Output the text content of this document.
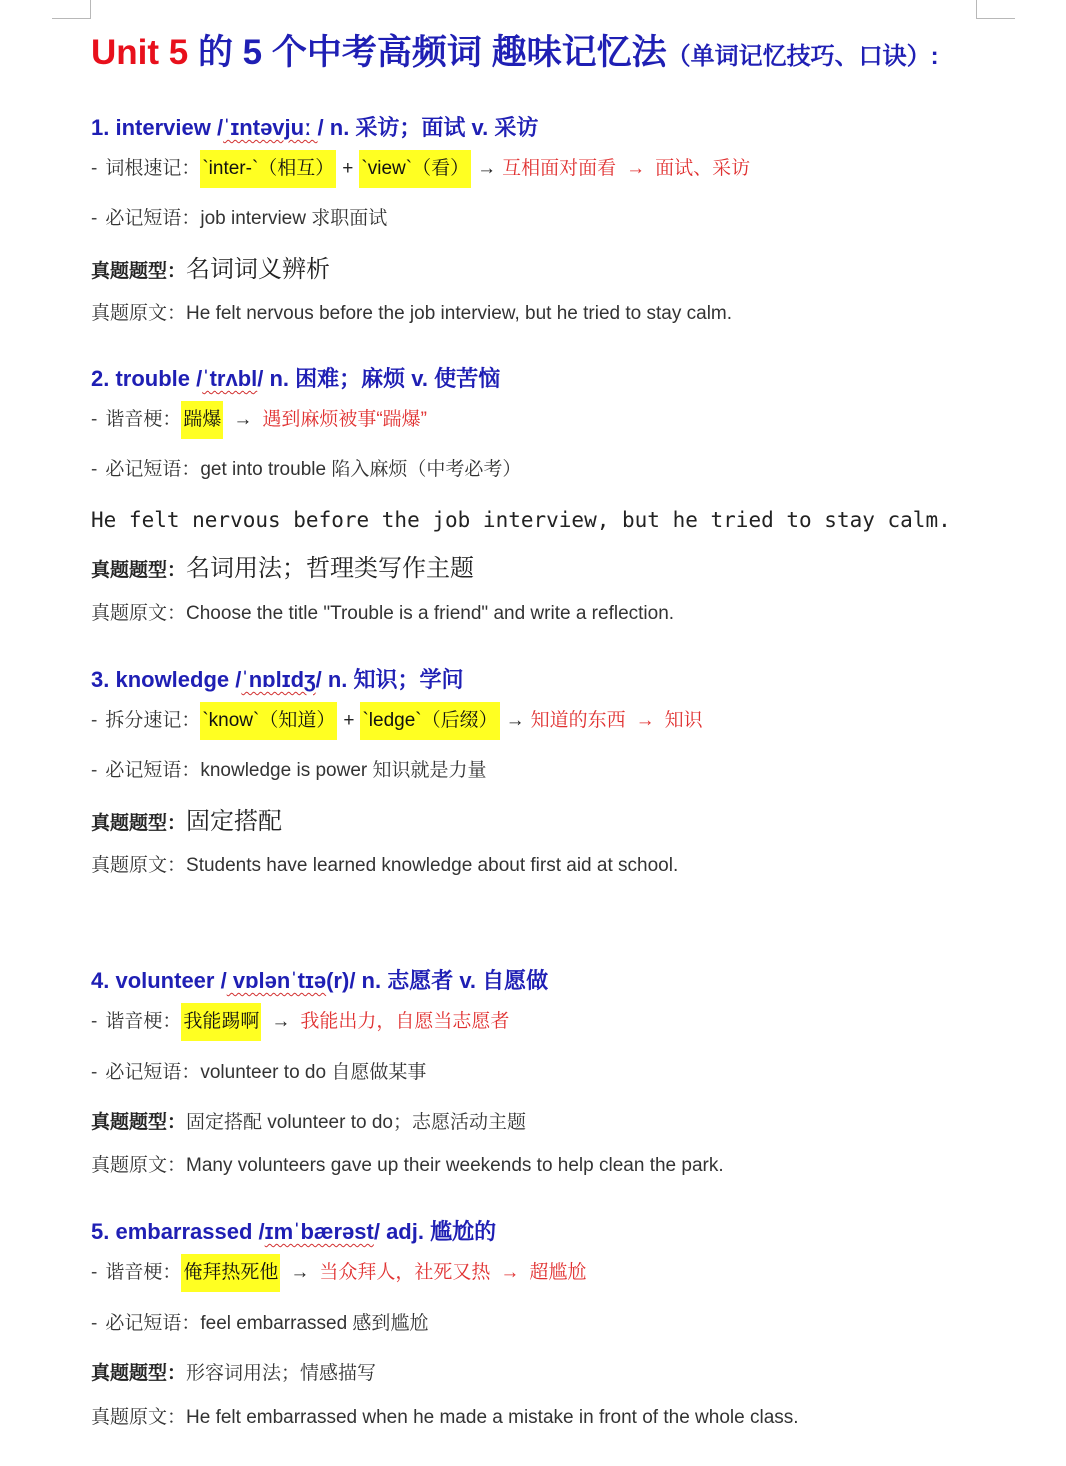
Unit 5 的 5 个中考高频词 趣味记忆法（单词记忆技巧、口诀）:
1. interview /ˈɪntəvjuː / n. 采访；面试 v. 采访
- 词根速记： `inter-`（相互） + `view`（看） → 互相面对面看 → 面试、采访
- 必记短语：job interview 求职面试
真题题型：名词词义辨析
真题原文：He felt nervous before the job interview, but he tried to stay calm.
2. trouble /ˈtrʌbl/ n. 困难；麻烦 v. 使苦恼
- 谐音梗： 踹爆 → 遇到麻烦被事“踹爆”
- 必记短语：get into trouble 陷入麻烦（中考必考）
He felt nervous before the job interview, but he tried to stay calm.
真题题型：名词用法；哲理类写作主题
真题原文：Choose the title "Trouble is a friend" and write a reflection.
3. knowledge /ˈnɒlɪdʒ/ n. 知识；学问
- 拆分速记： `know`（知道） + `ledge`（后缀） → 知道的东西 → 知识
- 必记短语：knowledge is power 知识就是力量
真题题型：固定搭配
真题原文：Students have learned knowledge about first aid at school.
4. volunteer / vɒlənˈtɪə(r)/ n. 志愿者 v. 自愿做
- 谐音梗： 我能踢啊 → 我能出力，自愿当志愿者
- 必记短语：volunteer to do 自愿做某事
真题题型：固定搭配 volunteer to do；志愿活动主题
真题原文：Many volunteers gave up their weekends to help clean the park.
5. embarrassed /ɪmˈbærəst/ adj. 尴尬的
- 谐音梗： 俺拜热死他 → 当众拜人，社死又热 → 超尴尬
- 必记短语：feel embarrassed 感到尴尬
真题题型：形容词用法；情感描写
真题原文：He felt embarrassed when he made a mistake in front of the whole class.
